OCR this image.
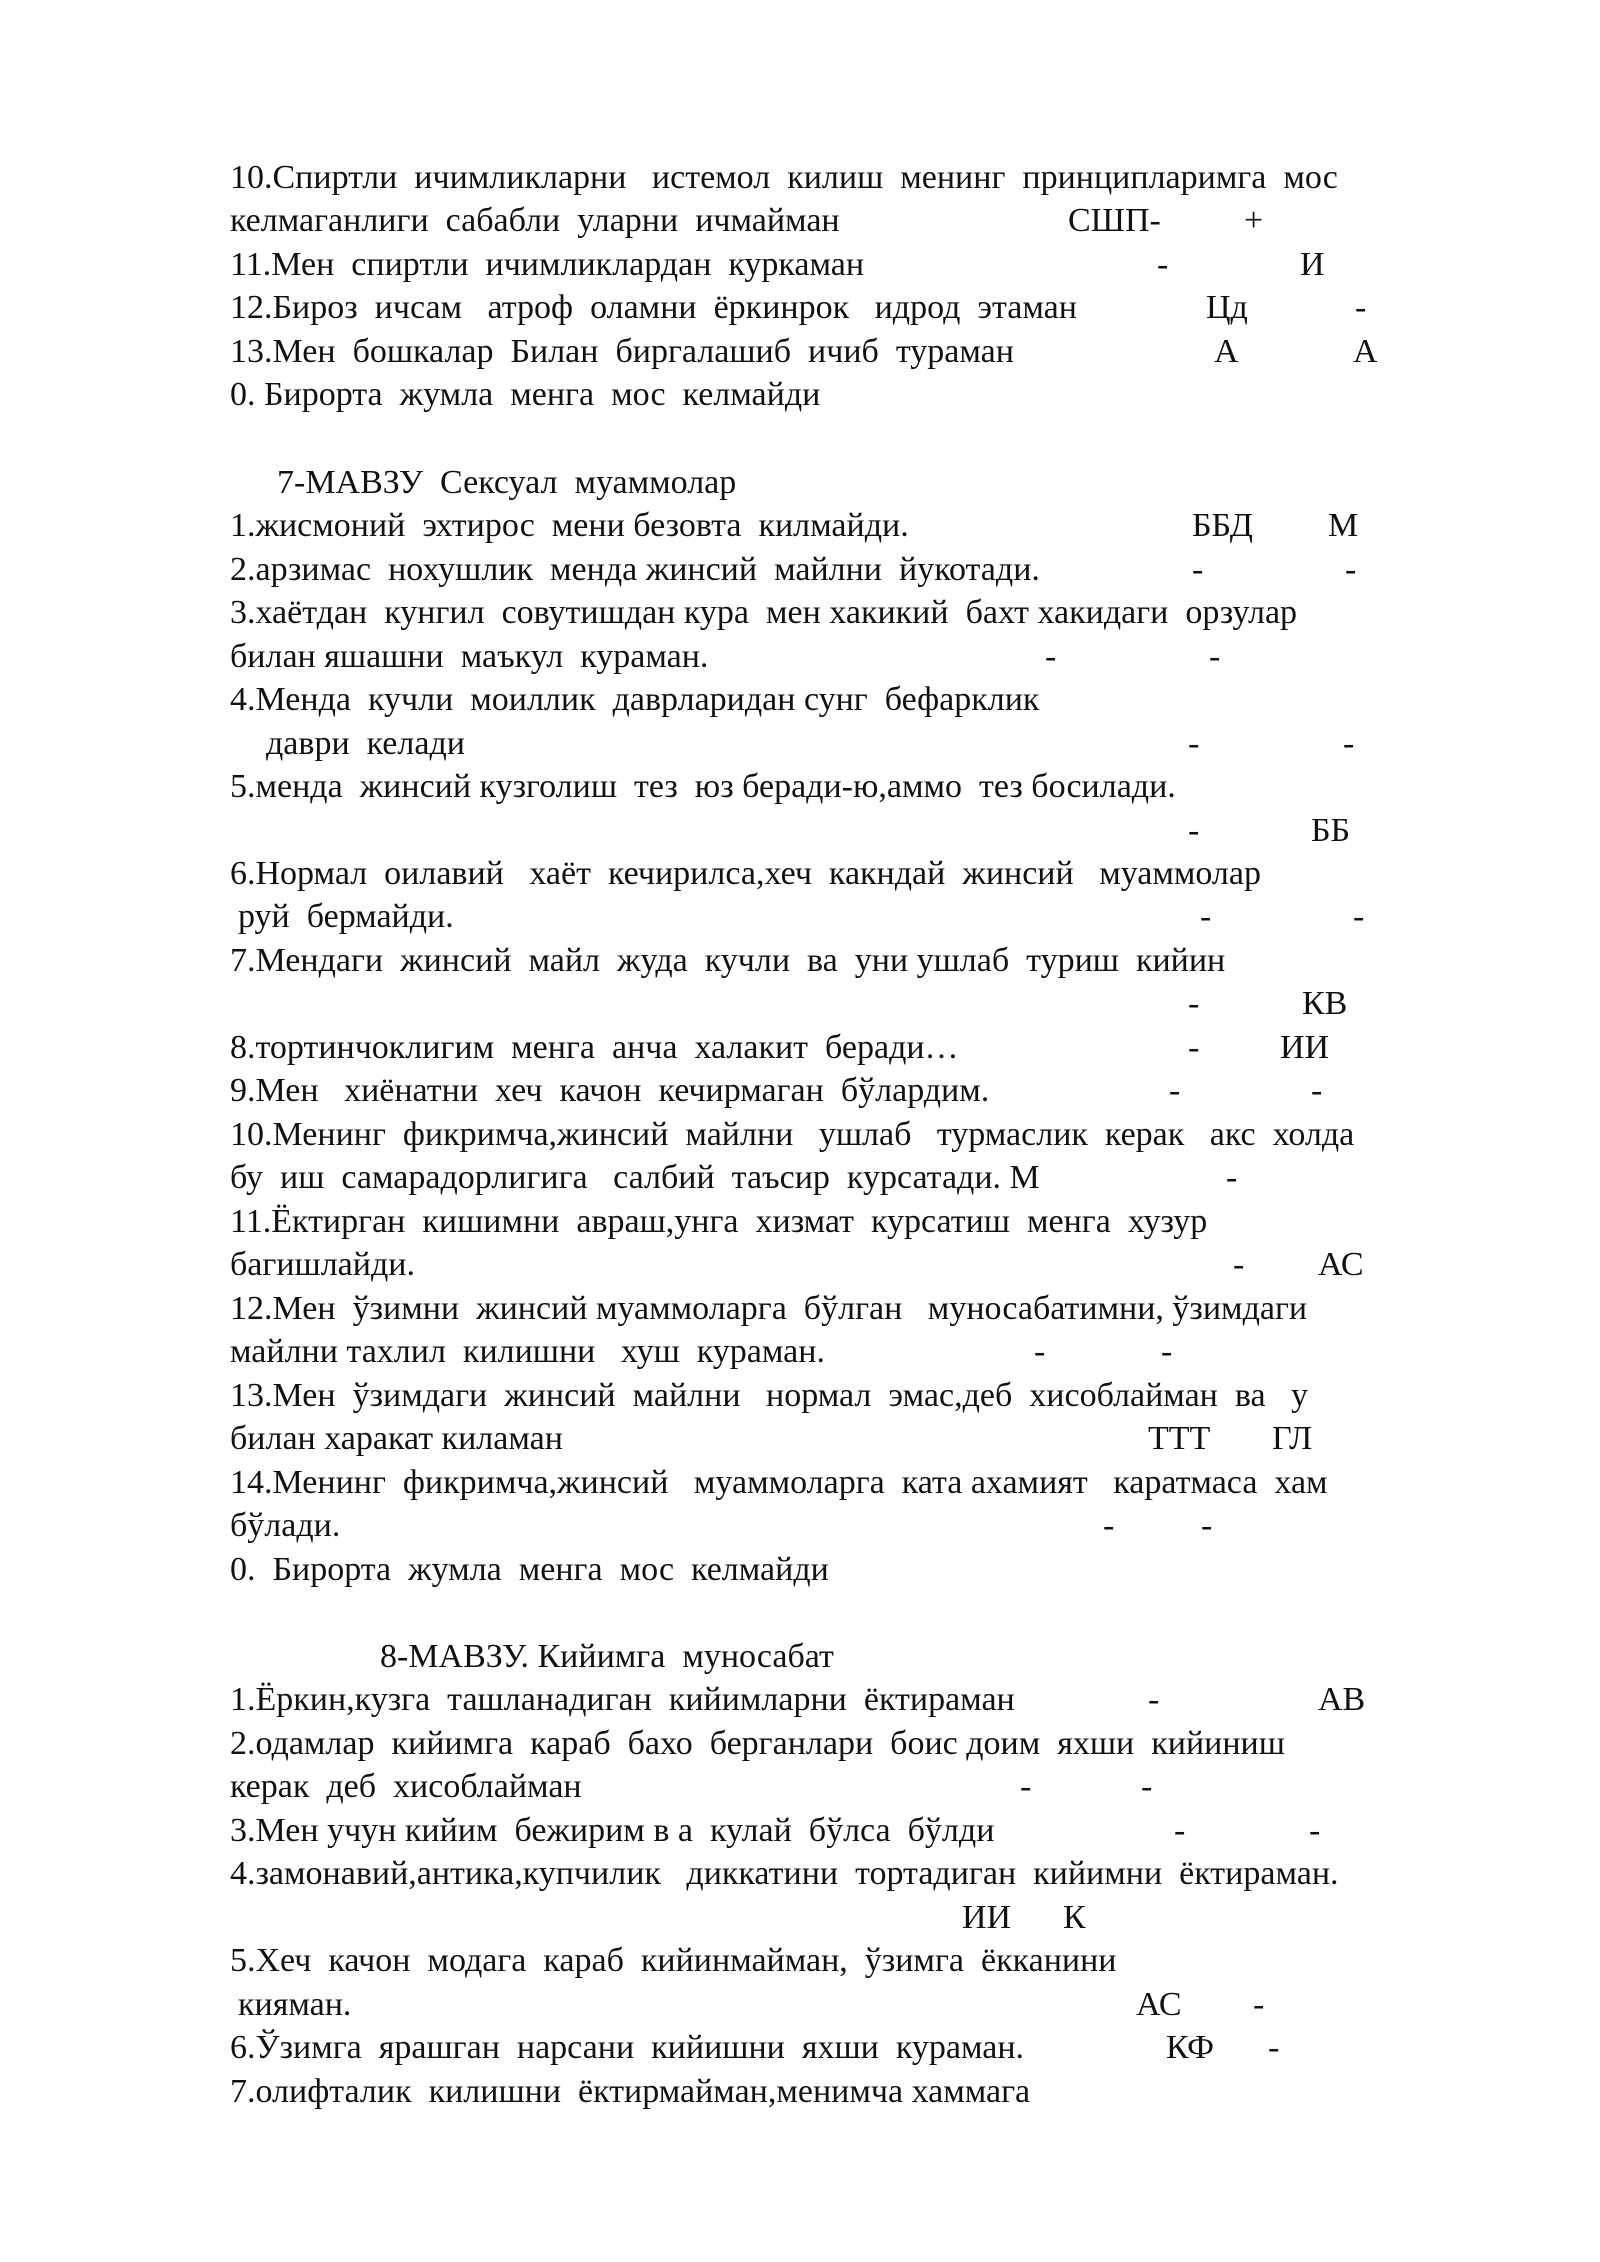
10.Спиртли  ичимликларни   истемол  килиш  менинг  принципларимга  мос
келмаганлиги  сабабли  уларни  ичмайман	СШП- +
11.Мен  спиртли  ичимликлардан  куркаман	-	И
12.Бироз  ичсам   атроф  оламни  ёркинрок   идрод  этаман	Цд	-
13.Мен  бошкалар  Билан  биргалашиб  ичиб  тураман	А	А
0. Бирорта  жумла  менга  мос  келмайди
7-МАВЗУ  Сексуал  муаммолар
1.жисмоний  эхтирос  мени безовта  килмайди.	ББД М
2.арзимас  нохушлик  менда жинсий  майлни  йукотади.	-	-
3.хаётдан  кунгил  совутишдан кура  мен хакикий  бахт хакидаги  орзулар
билан яшашни  маъкул  кураман.	-	-
4.Менда  кучли  моиллик  даврларидан сунг  бефарклик
даври  келади	-	-
5.менда  жинсий кузголиш  тез  юз беради-ю,аммо  тез босилади.
-	ББ
6.Нормал  оилавий   хаёт  кечирилса,хеч  какндай  жинсий   муаммолар
руй  бермайди.	-	-
7.Мендаги  жинсий  майл  жуда  кучли  ва  уни ушлаб  туриш  кийин
-	КВ
8.тортинчоклигим  менга  анча  халакит  беради…	- ИИ
9.Мен   хиёнатни  хеч  качон  кечирмаган  бўлардим.	-	-
10.Менинг  фикримча,жинсий  майлни   ушлаб   турмаслик  керак   акс  холда
бу  иш  самарадорлигига   салбий  таъсир  курсатади. М	-
11.Ёктирган  кишимни  авраш,унга  хизмат  курсатиш  менга  хузур
багишлайди.	- АС
12.Мен  ўзимни  жинсий муаммоларга  бўлган   муносабатимни, ўзимдаги
майлни тахлил  килишни   хуш  кураман.	-	-
13.Мен  ўзимдаги  жинсий  майлни   нормал  эмас,деб  хисоблайман  ва   у
билан харакат киламан	ТТТ ГЛ
14.Менинг  фикримча,жинсий   муаммоларга  ката ахамият   каратмаса  хам
бўлади.	-	-
0.  Бирорта  жумла  менга  мос  келмайди
8-МАВЗУ. Кийимга  муносабат
1.Ёркин,кузга  ташланадиган  кийимларни  ёктираман	-	АВ
2.одамлар  кийимга  караб  бахо  берганлари  боис доим  яхши  кийиниш
керак  деб  хисоблайман	-	-
3.Мен учун кийим  бежирим в а  кулай  бўлса  бўлди	-	-
4.замонавий,антика,купчилик   диккатини  тортадиган  кийимни  ёктираман.
ИИ К
5.Хеч  качон  модага  караб  кийинмайман,  ўзимга  ёкканини
кияман.	АС -
6.Ўзимга  ярашган  нарсани  кийишни  яхши  кураман.	КФ -
7.олифталик  килишни  ёктирмайман,менимча хаммага
